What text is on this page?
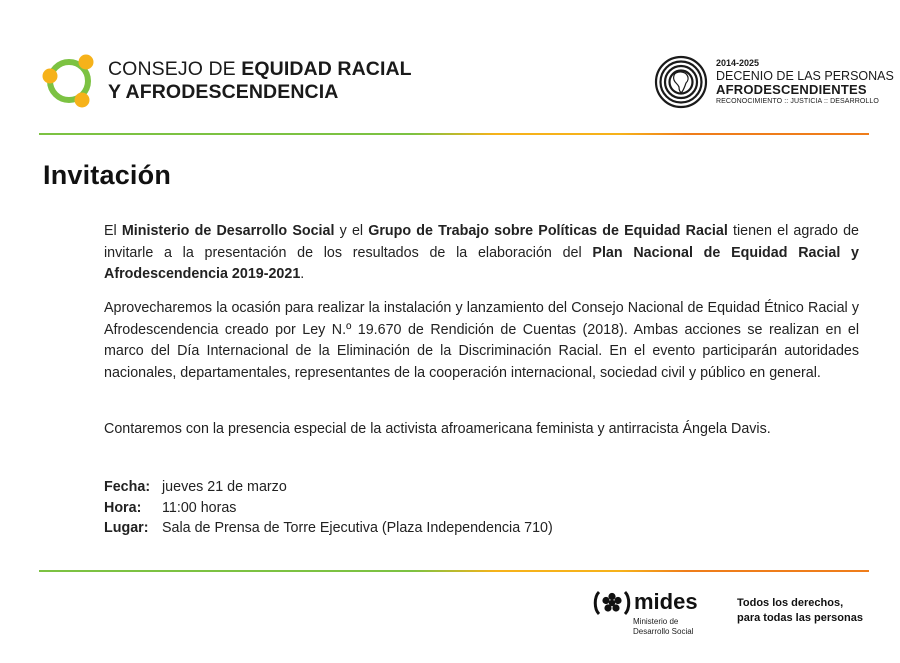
CONSEJO DE EQUIDAD RACIAL
Y AFRODESCENDENCIA
2014-2025
DECENIO DE LAS PERSONAS
AFRODESCENDIENTES
RECONOCIMIENTO :: JUSTICIA :: DESARROLLO
Invitación
El Ministerio de Desarrollo Social y el Grupo de Trabajo sobre Políticas de Equidad Racial tienen el agrado de invitarle a la presentación de los resultados de la elaboración del Plan Nacional de Equidad Racial y Afrodescendencia 2019-2021.
Aprovecharemos la ocasión para realizar la instalación y lanzamiento del Consejo Nacional de Equidad Étnico Racial y Afrodescendencia creado por Ley N.º 19.670 de Rendición de Cuentas (2018). Ambas acciones se realizan en el marco del Día Internacional de la Eliminación de la Discriminación Racial. En el evento participarán autoridades nacionales, departamentales, representantes de la cooperación internacional, sociedad civil y público en general.
Contaremos con la presencia especial de la activista afroamericana feminista y antirracista Ángela Davis.
Fecha: jueves 21 de marzo
Hora:	11:00 horas
Lugar: Sala de Prensa de Torre Ejecutiva (Plaza Independencia 710)
mides
Ministerio de
Desarrollo Social
Todos los derechos,
para todas las personas
